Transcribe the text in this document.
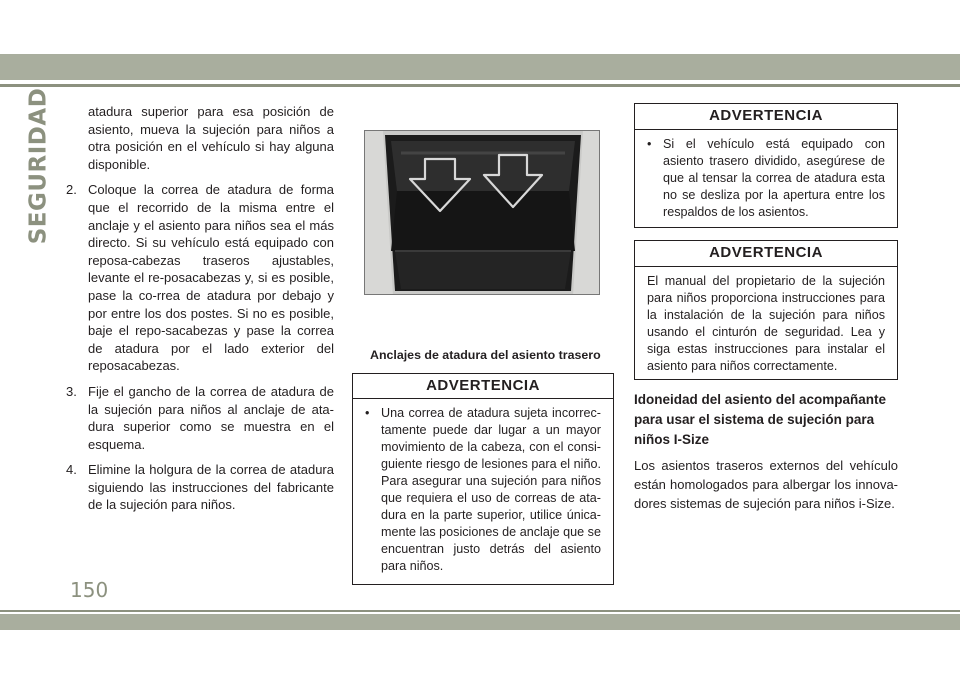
SEGURIDAD	atadura superior para esa posición de asiento, mueva la sujeción para niños a otra posición en el vehículo si hay alguna disponible.

2. Coloque la correa de atadura de forma que el recorrido de la misma entre el anclaje y el asiento para niños sea el más directo. Si su vehículo está equipado con reposa-cabezas traseros ajustables, levante el re-posacabezas y, si es posible, pase la co-rrea de atadura por debajo y por entre los dos postes. Si no es posible, baje el repo-sacabezas y pase la correa de atadura por el lado exterior del reposacabezas.
3. Fije el gancho de la correa de atadura de la sujeción para niños al anclaje de ata-dura superior como se muestra en el esquema.
4. Elimine la holgura de la correa de atadura siguiendo las instrucciones del fabricante de la sujeción para niños.
Anclajes de atadura del asiento trasero
ADVERTENCIA
• Una correa de atadura sujeta incorrec-tamente puede dar lugar a un mayor movimiento de la cabeza, con el consi-guiente riesgo de lesiones para el niño. Para asegurar una sujeción para niños que requiera el uso de correas de ata-dura en la parte superior, utilice única-mente las posiciones de anclaje que se encuentran justo detrás del asiento para niños.
ADVERTENCIA
• Si el vehículo está equipado con asiento trasero dividido, asegúrese de que al tensar la correa de atadura esta no se desliza por la apertura entre los respaldos de los asientos.
ADVERTENCIA

El manual del propietario de la sujeción para niños proporciona instrucciones para la instalación de la sujeción para niños usando el cinturón de seguridad. Lea y siga estas instrucciones para instalar el asiento para niños correctamente.

Idoneidad del asiento del acompañante para usar el sistema de sujeción para niños I-Size

Los asientos traseros externos del vehículo están homologados para albergar los innova-dores sistemas de sujeción para niños i-Size.

150
